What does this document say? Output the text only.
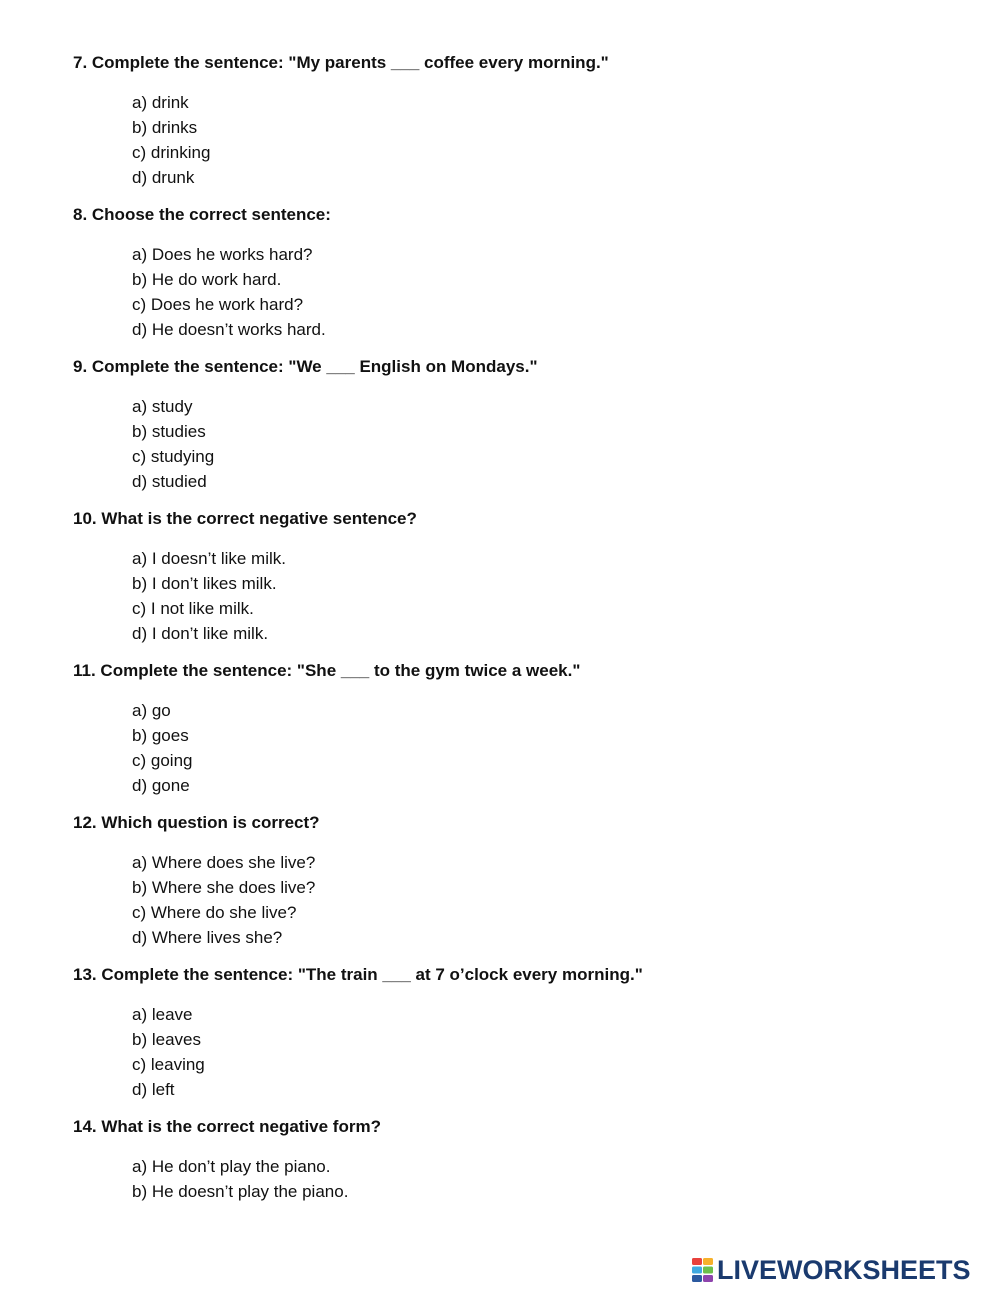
7. Complete the sentence: "My parents ___ coffee every morning."

a) drink
b) drinks
c) drinking
d) drunk

8. Choose the correct sentence:

a) Does he works hard?
b) He do work hard.
c) Does he work hard?
d) He doesn’t works hard.

9. Complete the sentence: "We ___ English on Mondays."

a) study
b) studies
c) studying
d) studied

10. What is the correct negative sentence?

a) I doesn’t like milk.
b) I don’t likes milk.
c) I not like milk.
d) I don’t like milk.

11. Complete the sentence: "She ___ to the gym twice a week."

a) go
b) goes
c) going
d) gone

12. Which question is correct?

a) Where does she live?
b) Where she does live?
c) Where do she live?
d) Where lives she?

13. Complete the sentence: "The train ___ at 7 o’clock every morning."

a) leave
b) leaves
c) leaving
d) left

14. What is the correct negative form?

a) He don’t play the piano.
b) He doesn’t play the piano.
LIVEWORKSHEETS
